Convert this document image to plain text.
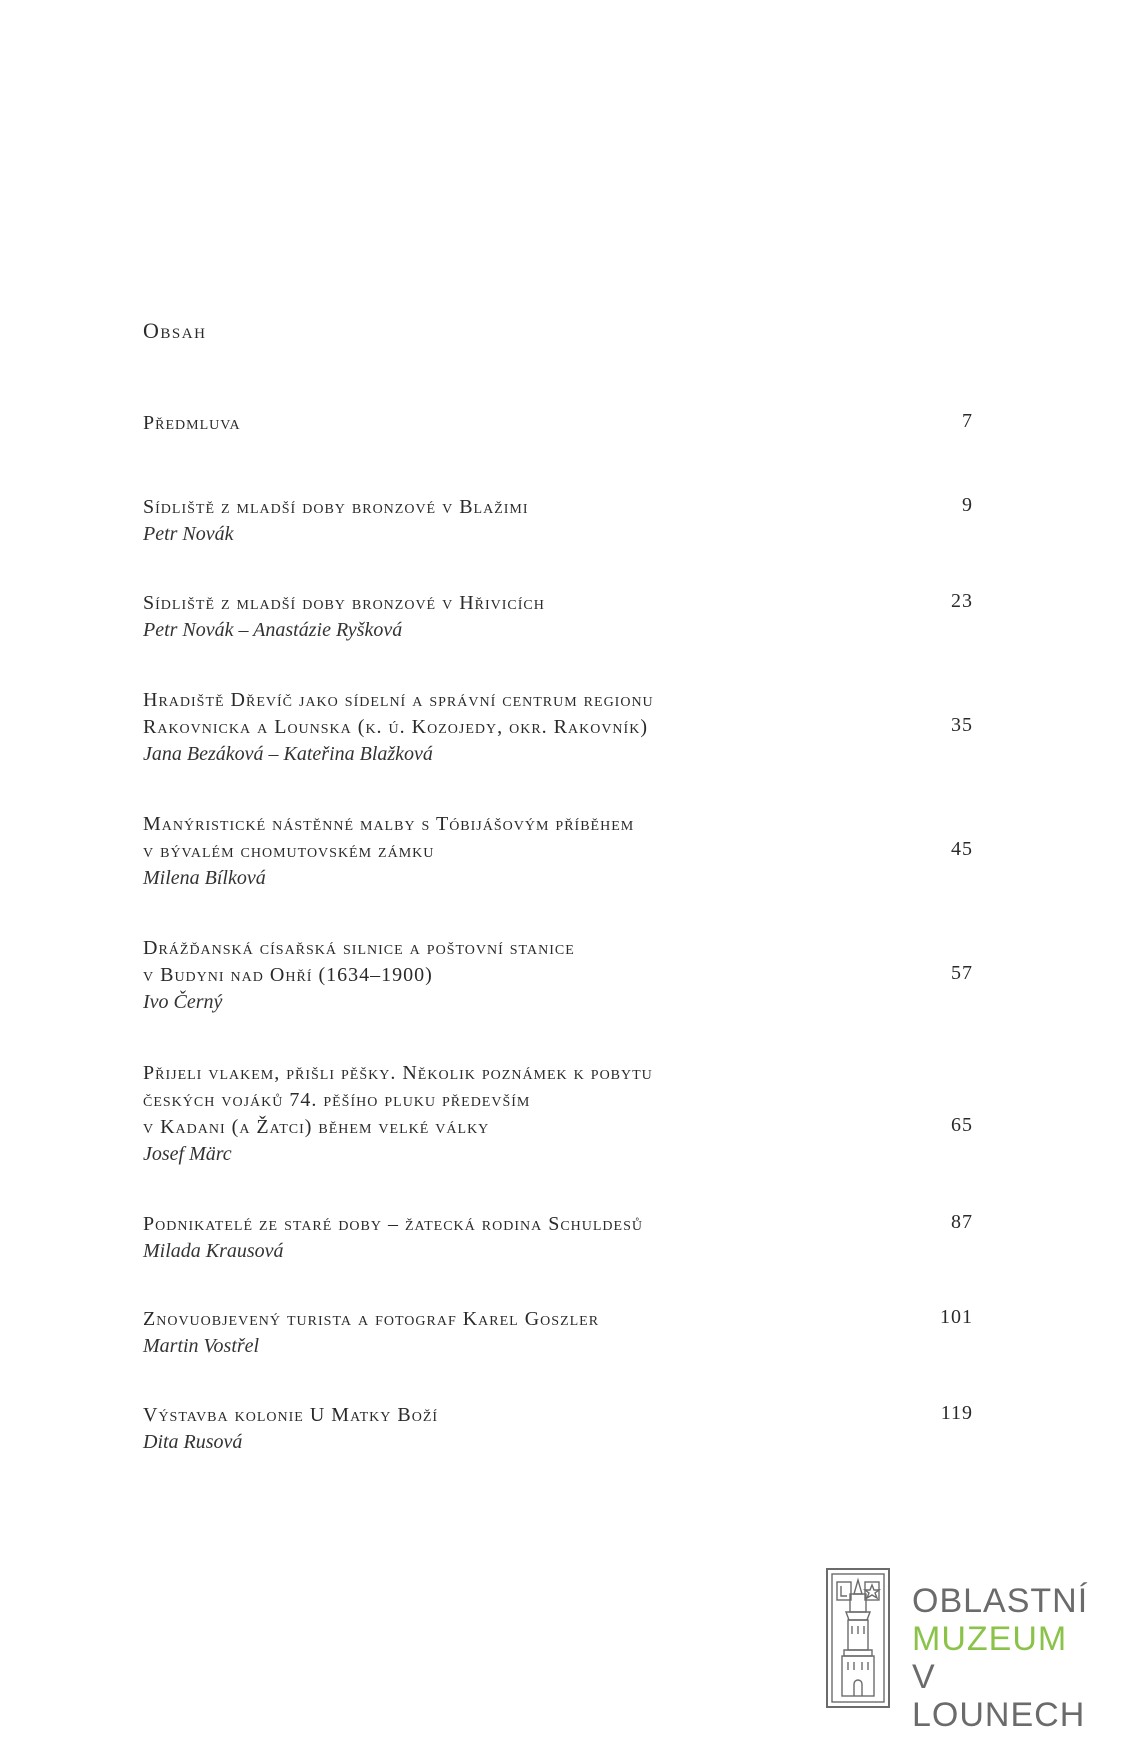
Obsah
Předmluva	7
Sídliště z mladší doby bronzové v Blažimi
Petr Novák
9
Sídliště z mladší doby bronzové v Hřivicích
Petr Novák – Anastázie Ryšková
23
Hradiště Dřevíč jako sídelní a správní centrum regionu
Rakovnicka a Lounska (k. ú. Kozojedy, okr. Rakovník)
Jana Bezáková – Kateřina Blažková
35
Manýristické nástěnné malby s Tóbijášovým příběhem
v bývalém chomutovském zámku
Milena Bílková
45
Drážďanská císařská silnice a poštovní stanice
v Budyni nad Ohří (1634–1900)
Ivo Černý
57
Přijeli vlakem, přišli pěšky. Několik poznámek k pobytu
českých vojáků 74. pěšího pluku především
v Kadani (a Žatci) během velké války
Josef Märc
65
Podnikatelé ze staré doby – žatecká rodina Schuldesů
Milada Krausová
87
Znovuobjevený turista a fotograf Karel Goszler
Martin Vostřel
101
Výstavba kolonie U Matky Boží
Dita Rusová
119
OBLASTNÍ
MUZEUM
V LOUNECH
